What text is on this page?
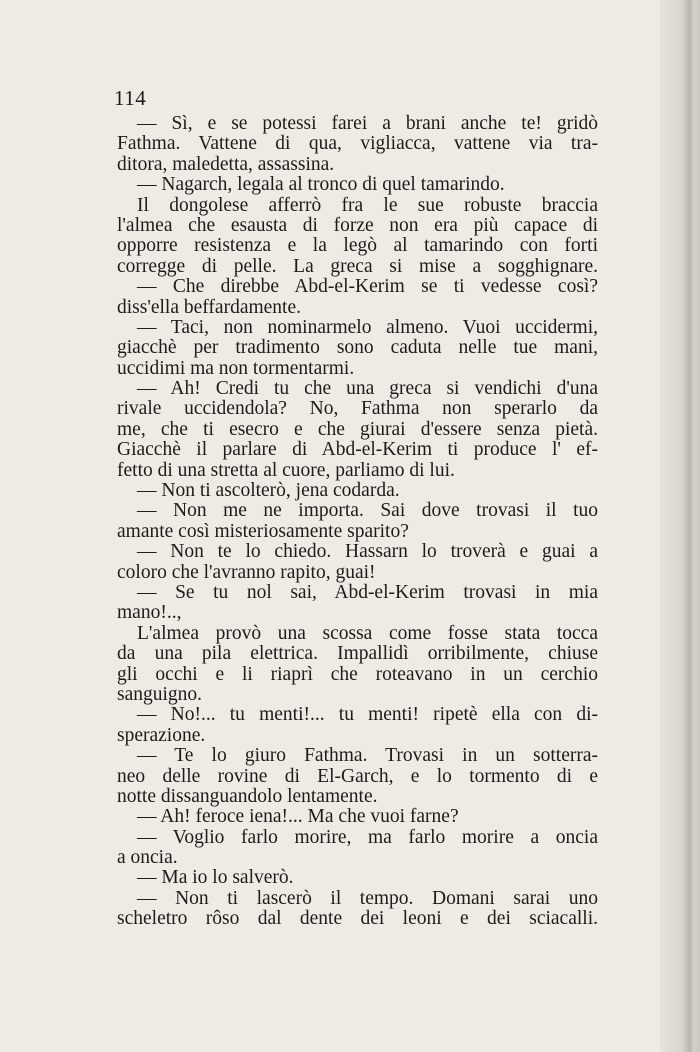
114
— Sì, e se potessi farei a brani anche te! gridò
Fathma. Vattene di qua, vigliacca, vattene via tra-
ditora, maledetta, assassina.
— Nagarch, legala al tronco di quel tamarindo.
Il dongolese afferrò fra le sue robuste braccia
l'almea che esausta di forze non era più capace di
opporre resistenza e la legò al tamarindo con forti
corregge di pelle. La greca si mise a sogghignare.
— Che direbbe Abd-el-Kerim se ti vedesse così?
diss'ella beffardamente.
— Taci, non nominarmelo almeno. Vuoi uccidermi,
giacchè per tradimento sono caduta nelle tue mani,
uccidimi ma non tormentarmi.
— Ah! Credi tu che una greca si vendichi d'una
rivale uccidendola? No, Fathma non sperarlo da
me, che ti esecro e che giurai d'essere senza pietà.
Giacchè il parlare di Abd-el-Kerim ti produce l' ef-
fetto di una stretta al cuore, parliamo di lui.
— Non ti ascolterò, jena codarda.
— Non me ne importa. Sai dove trovasi il tuo
amante così misteriosamente sparito?
— Non te lo chiedo. Hassarn lo troverà e guai a
coloro che l'avranno rapito, guai!
— Se tu nol sai, Abd-el-Kerim trovasi in mia
mano!..,
L'almea provò una scossa come fosse stata tocca
da una pila elettrica. Impallidì orribilmente, chiuse
gli occhi e li riaprì che roteavano in un cerchio
sanguigno.
— No!... tu menti!... tu menti! ripetè ella con di-
sperazione.
— Te lo giuro Fathma. Trovasi in un sotterra-
neo delle rovine di El-Garch, e lo tormento di e
notte dissanguandolo lentamente.
— Ah! feroce iena!... Ma che vuoi farne?
— Voglio farlo morire, ma farlo morire a oncia
a oncia.
— Ma io lo salverò.
— Non ti lascerò il tempo. Domani sarai uno
scheletro rôso dal dente dei leoni e dei sciacalli.
